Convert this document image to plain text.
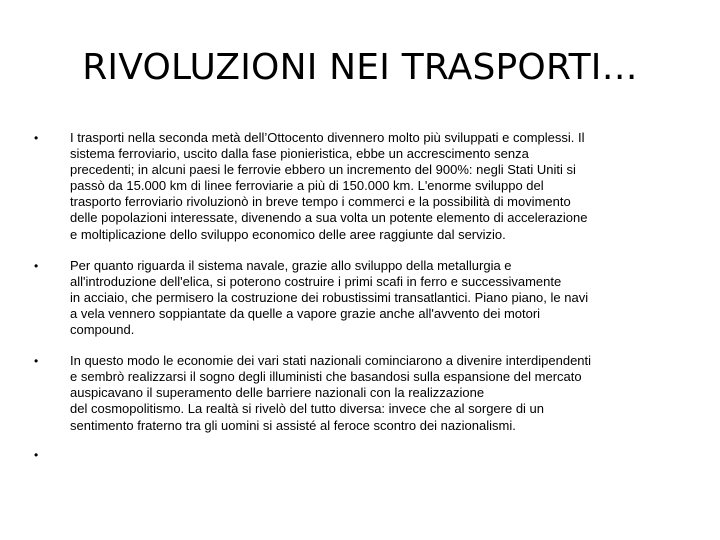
RIVOLUZIONI NEI TRASPORTI…
• I trasporti nella seconda metà dell’Ottocento divennero molto più sviluppati e complessi. Il
sistema ferroviario, uscito dalla fase pionieristica, ebbe un accrescimento senza
precedenti; in alcuni paesi le ferrovie ebbero un incremento del 900%: negli Stati Uniti si
passò da 15.000 km di linee ferroviarie a più di 150.000 km. L'enorme sviluppo del
trasporto ferroviario rivoluzionò in breve tempo i commerci e la possibilità di movimento
delle popolazioni interessate, divenendo a sua volta un potente elemento di accelerazione
e moltiplicazione dello sviluppo economico delle aree raggiunte dal servizio.
• Per quanto riguarda il sistema navale, grazie allo sviluppo della metallurgia e
all'introduzione dell'elica, si poterono costruire i primi scafi in ferro e successivamente
in acciaio, che permisero la costruzione dei robustissimi transatlantici. Piano piano, le navi
a vela vennero soppiantate da quelle a vapore grazie anche all'avvento dei motori
compound.
• In questo modo le economie dei vari stati nazionali cominciarono a divenire interdipendenti
e sembrò realizzarsi il sogno degli illuministi che basandosi sulla espansione del mercato
auspicavano il superamento delle barriere nazionali con la realizzazione
del cosmopolitismo. La realtà si rivelò del tutto diversa: invece che al sorgere di un
sentimento fraterno tra gli uomini si assisté al feroce scontro dei nazionalismi.
•
